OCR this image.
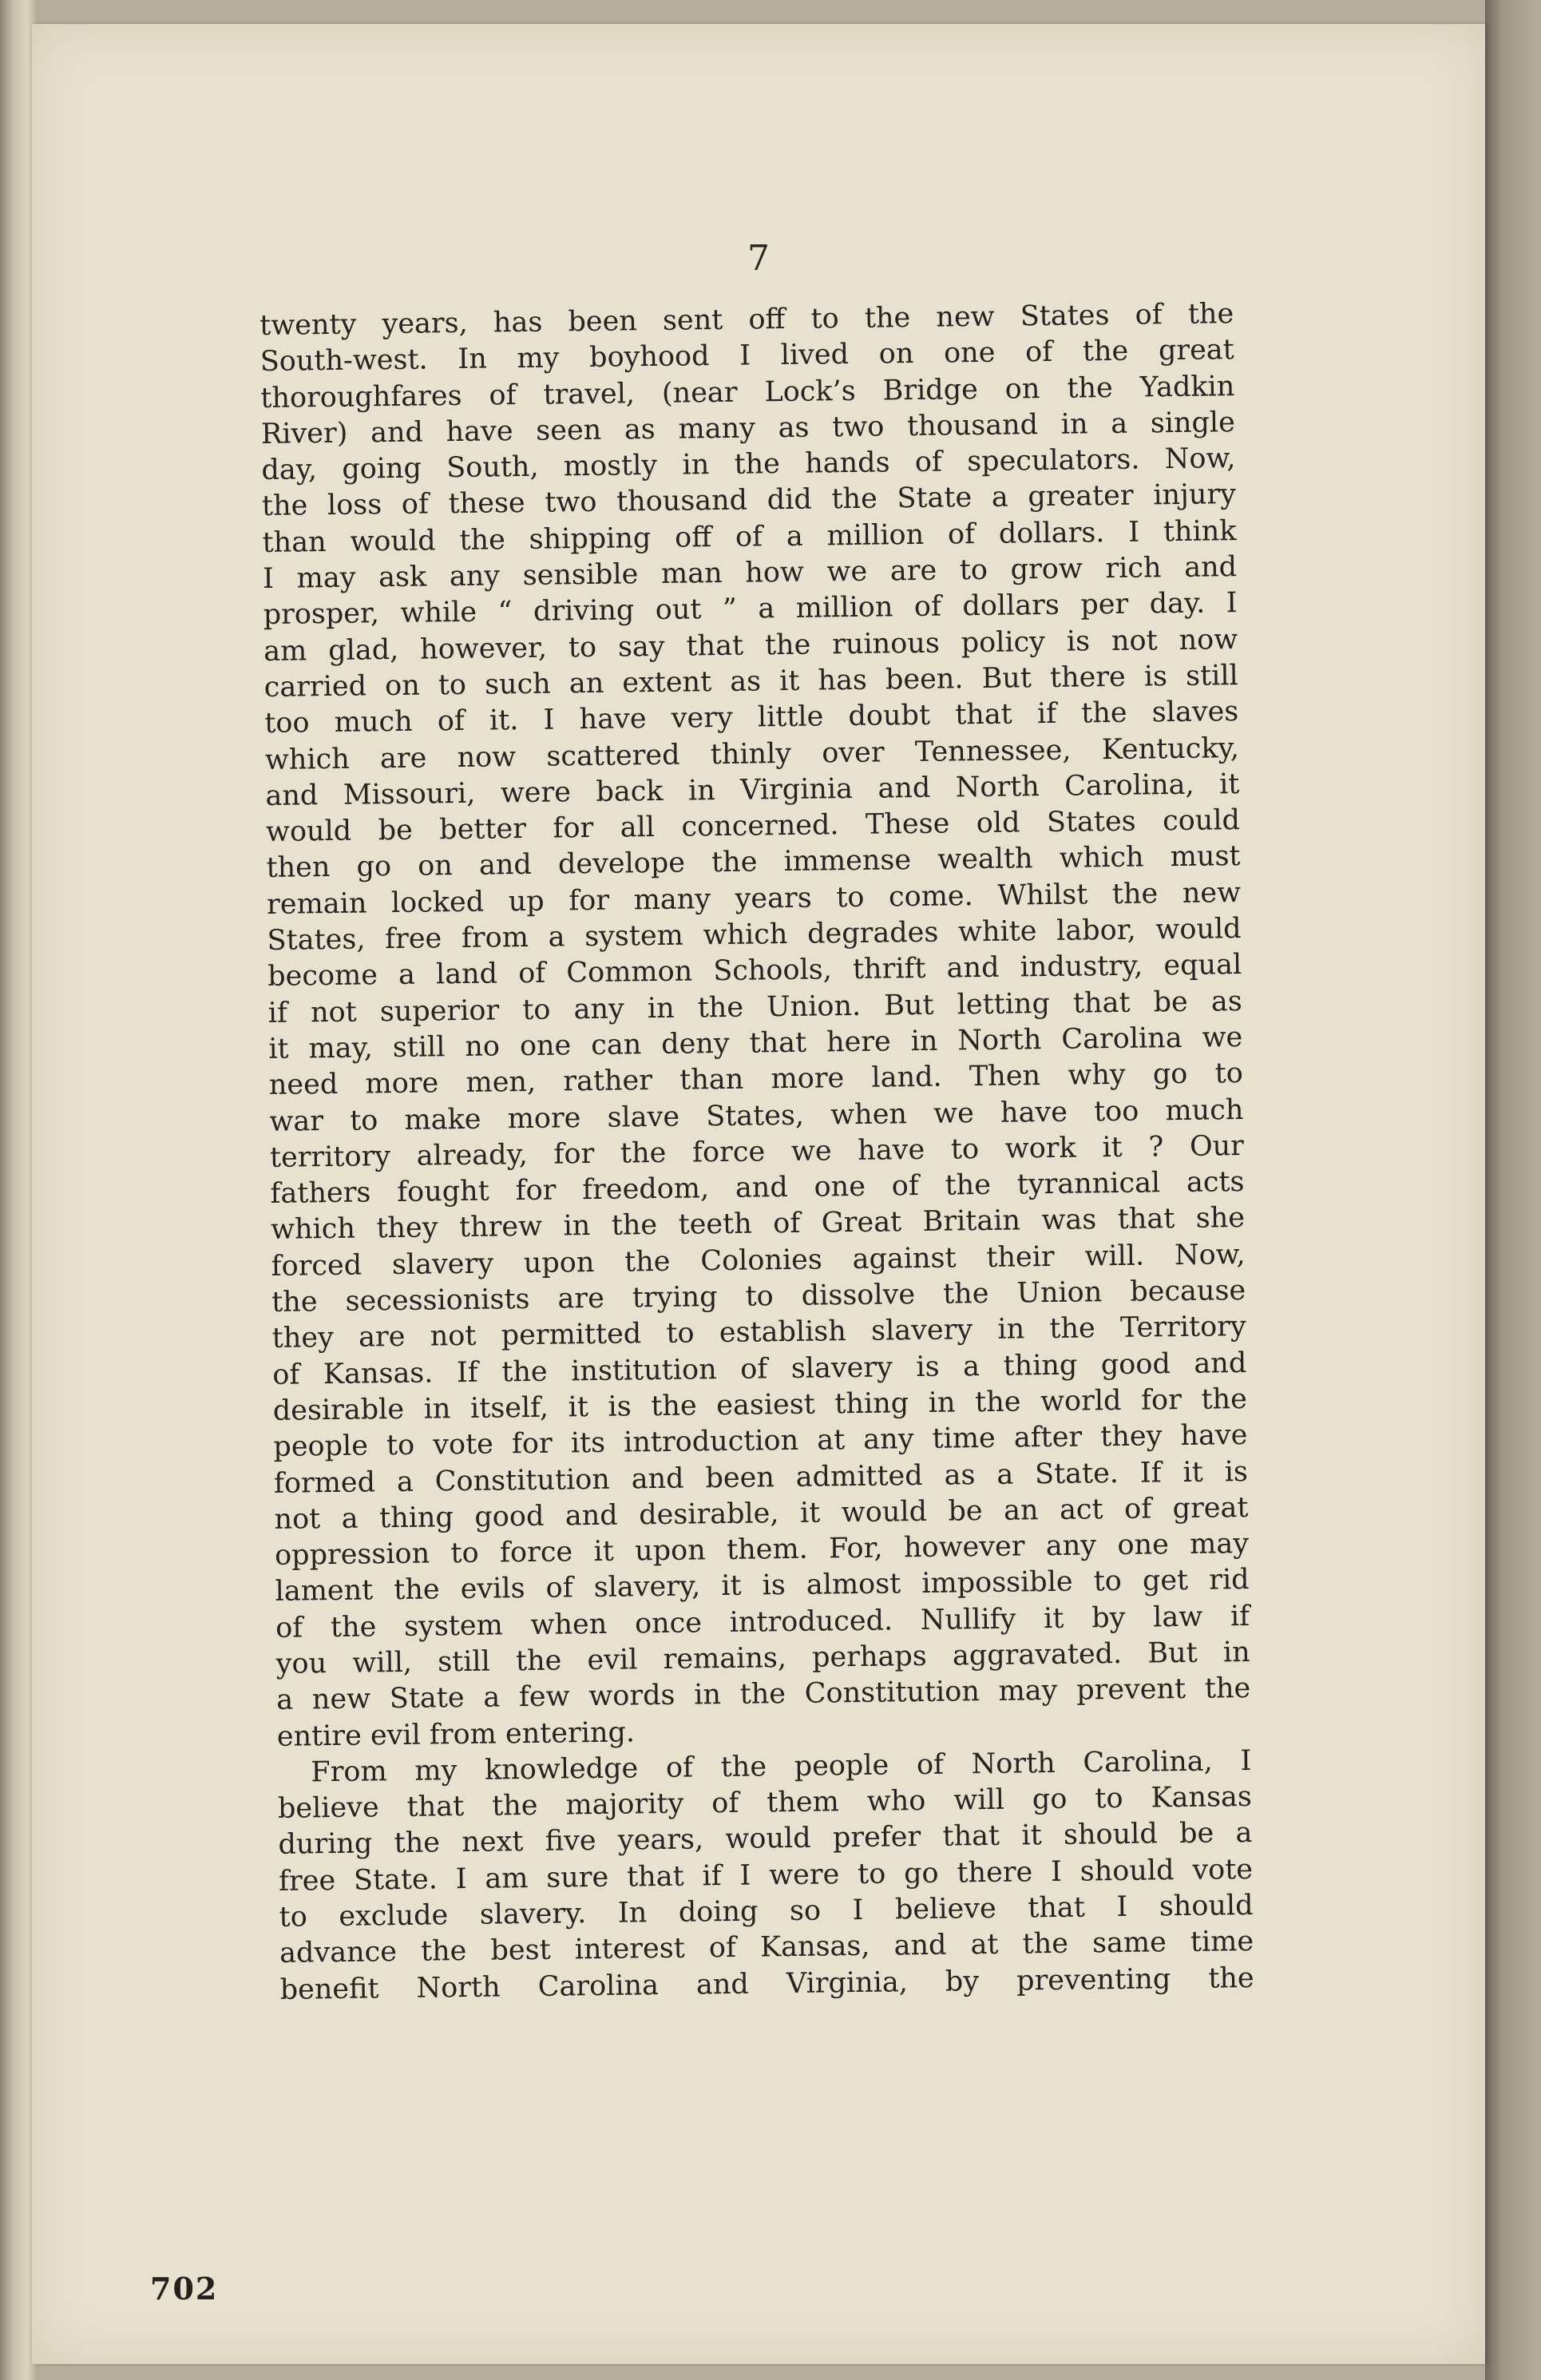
7

twenty years, has been sent off to the new States of the
South-west. In my boyhood I lived on one of the great
thoroughfares of travel, (near Lock’s Bridge on the Yadkin
River) and have seen as many as two thousand in a single
day, going South, mostly in the hands of speculators. Now,
the loss of these two thousand did the State a greater injury
than would the shipping off of a million of dollars. I think
I may ask any sensible man how we are to grow rich and
prosper, while “ driving out ” a million of dollars per day. I
am glad, however, to say that the ruinous policy is not now
carried on to such an extent as it has been. But there is still
too much of it. I have very little doubt that if the slaves
which are now scattered thinly over Tennessee, Kentucky,
and Missouri, were back in Virginia and North Carolina, it
would be better for all concerned. These old States could
then go on and develope the immense wealth which must
remain locked up for many years to come. Whilst the new
States, free from a system which degrades white labor, would
become a land of Common Schools, thrift and industry, equal
if not superior to any in the Union. But letting that be as
it may, still no one can deny that here in North Carolina we
need more men, rather than more land. Then why go to
war to make more slave States, when we have too much
territory already, for the force we have to work it ? Our
fathers fought for freedom, and one of the tyrannical acts
which they threw in the teeth of Great Britain was that she
forced slavery upon the Colonies against their will. Now,
the secessionists are trying to dissolve the Union because
they are not permitted to establish slavery in the Territory
of Kansas. If the institution of slavery is a thing good and
desirable in itself, it is the easiest thing in the world for the
people to vote for its introduction at any time after they have
formed a Constitution and been admitted as a State. If it is
not a thing good and desirable, it would be an act of great
oppression to force it upon them. For, however any one may
lament the evils of slavery, it is almost impossible to get rid
of the system when once introduced. Nullify it by law if
you will, still the evil remains, perhaps aggravated. But in
a new State a few words in the Constitution may prevent the
entire evil from entering.
From my knowledge of the people of North Carolina, I
believe that the majority of them who will go to Kansas
during the next five years, would prefer that it should be a
free State. I am sure that if I were to go there I should vote
to exclude slavery. In doing so I believe that I should
advance the best interest of Kansas, and at the same time
benefit North Carolina and Virginia, by preventing the

702
